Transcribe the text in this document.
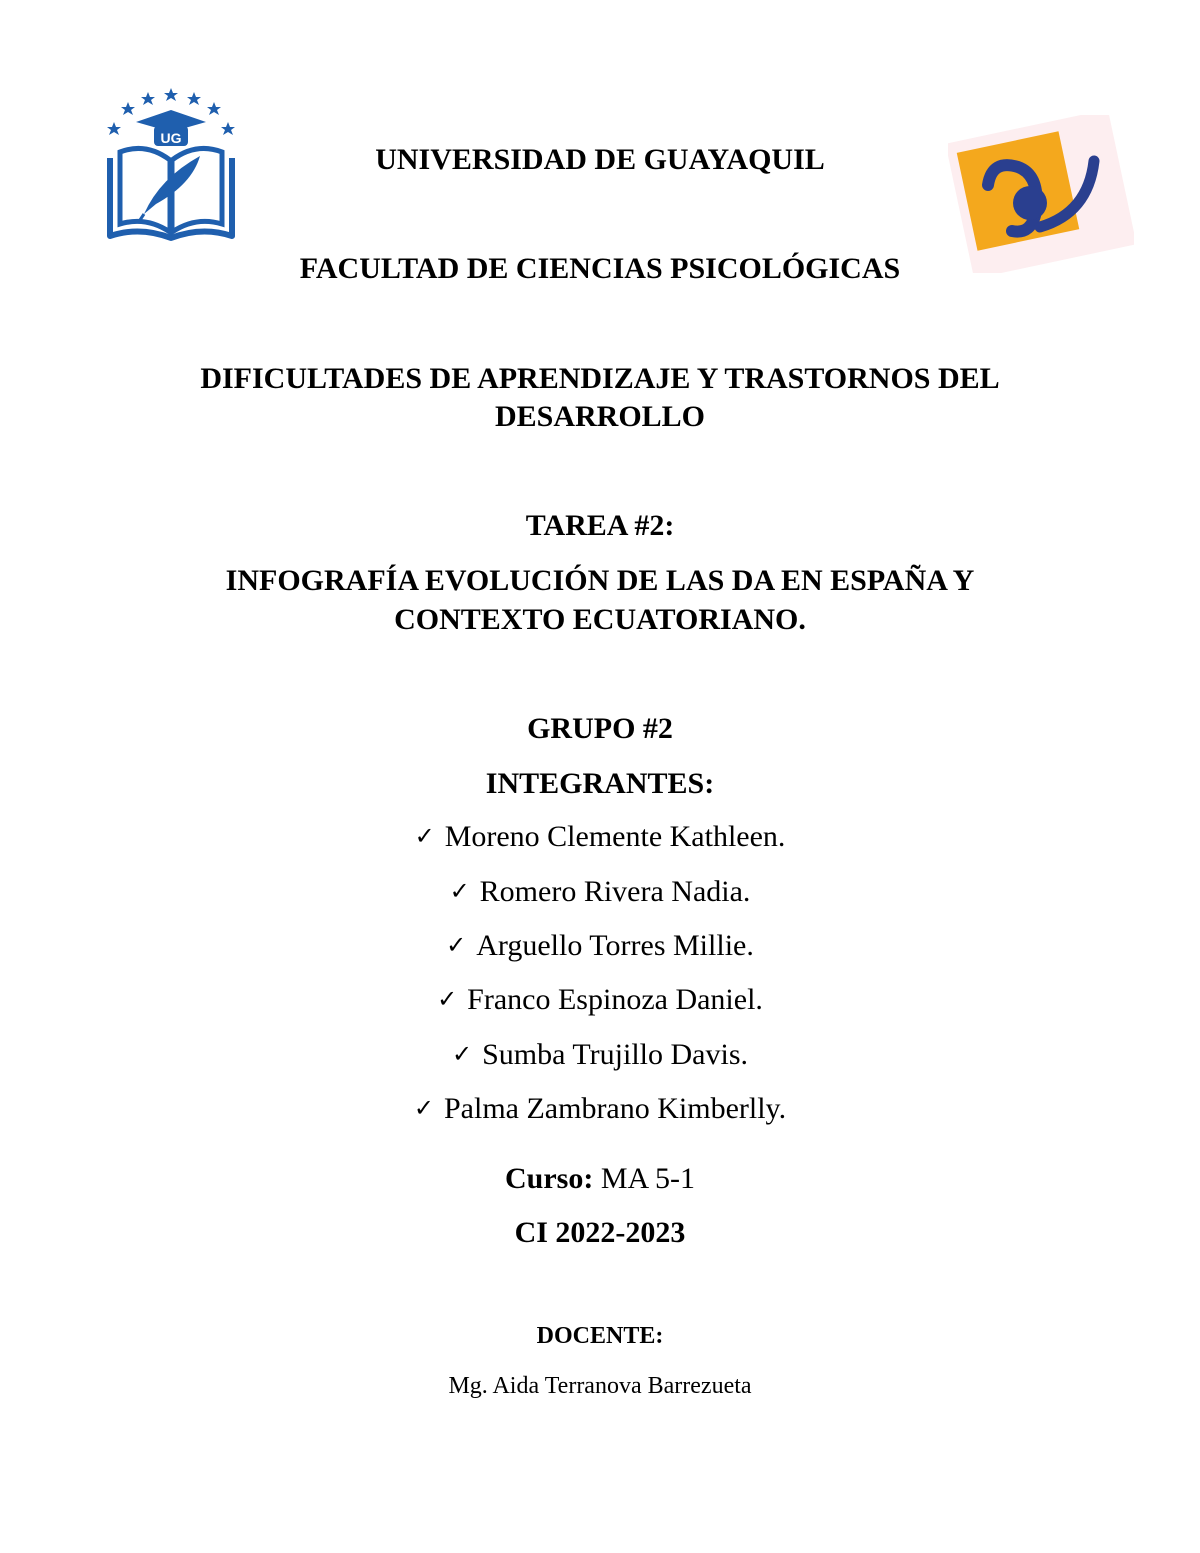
UG
UNIVERSIDAD DE GUAYAQUIL
FACULTAD DE CIENCIAS PSICOLÓGICAS
DIFICULTADES DE APRENDIZAJE Y TRASTORNOS DEL
DESARROLLO
TAREA #2:
INFOGRAFÍA EVOLUCIÓN DE LAS DA EN ESPAÑA Y
CONTEXTO ECUATORIANO.
GRUPO #2
INTEGRANTES:
✓ Moreno Clemente Kathleen.
✓ Romero Rivera Nadia.
✓ Arguello Torres Millie.
✓ Franco Espinoza Daniel.
✓ Sumba Trujillo Davis.
✓ Palma Zambrano Kimberlly.
Curso: MA 5-1
CI 2022-2023
DOCENTE:
Mg. Aida Terranova Barrezueta
